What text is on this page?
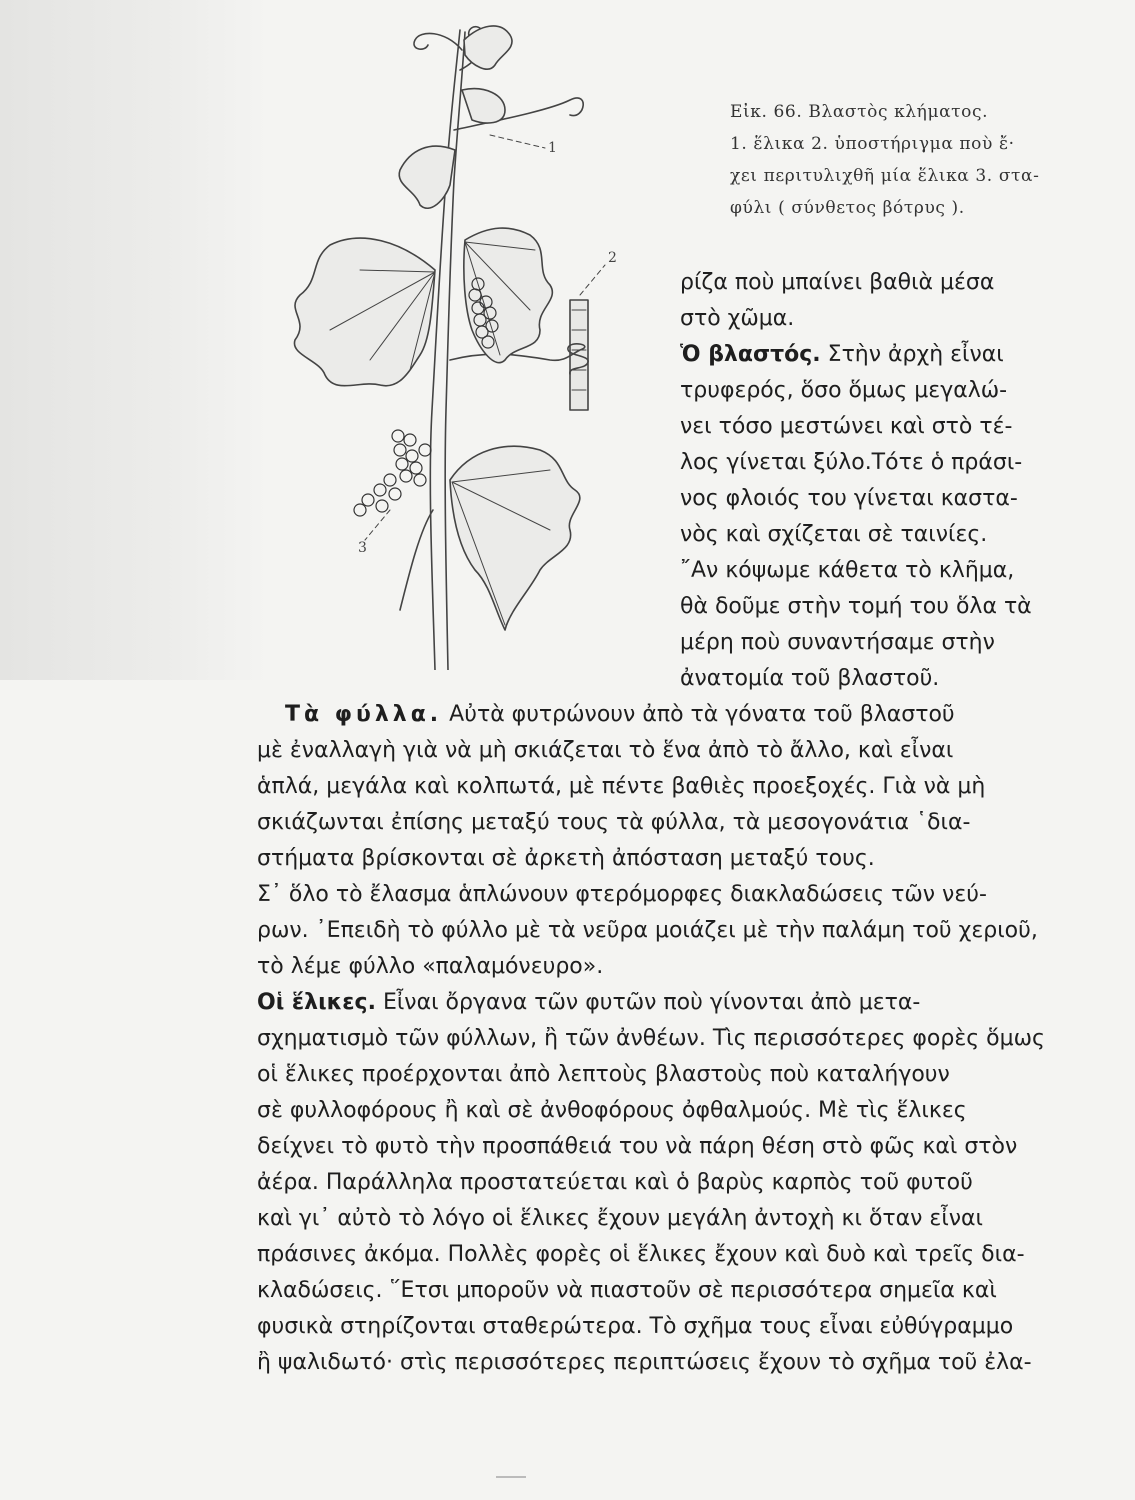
1
2
3
Εἰκ. 66. Βλαστὸς κλήματος.
1. ἕλικα 2. ὑποστήριγμα ποὺ ἔ·
χει περιτυλιχθῆ μία ἕλικα 3. στα-
φύλι ( σύνθετος βότρυς ).
ρίζα ποὺ μπαίνει βαθιὰ μέσα
στὸ χῶμα.
Ὁ βλαστός. Στὴν ἀρχὴ εἶναι
τρυφερός, ὅσο ὅμως μεγαλώ-
νει τόσο μεστώνει καὶ στὸ τέ-
λος γίνεται ξύλο.Τότε ὁ πράσι-
νος φλοιός του γίνεται καστα-
νὸς καὶ σχίζεται σὲ ταινίες.
῎Αν κόψωμε κάθετα τὸ κλῆμα,
θὰ δοῦμε στὴν τομή του ὅλα τὰ
μέρη ποὺ συναντήσαμε στὴν
ἀνατομία τοῦ βλαστοῦ.
Τὰ φύλλα. Αὐτὰ φυτρώνουν ἀπὸ τὰ γόνατα τοῦ βλαστοῦ
μὲ ἐναλλαγὴ γιὰ νὰ μὴ σκιάζεται τὸ ἕνα ἀπὸ τὸ ἄλλο, καὶ εἶναι
ἁπλά, μεγάλα καὶ κολπωτά, μὲ πέντε βαθιὲς προεξοχές. Γιὰ νὰ μὴ
σκιάζωνται ἐπίσης μεταξύ τους τὰ φύλλα, τὰ μεσογονάτια ῾δια-
στήματα βρίσκονται σὲ ἀρκετὴ ἀπόσταση μεταξύ τους.
Σ᾽ ὅλο τὸ ἔλασμα ἁπλώνουν φτερόμορφες διακλαδώσεις τῶν νεύ-
ρων. ᾿Επειδὴ τὸ φύλλο μὲ τὰ νεῦρα μοιάζει μὲ τὴν παλάμη τοῦ χεριοῦ,
τὸ λέμε φύλλο «παλαμόνευρο».
Οἱ ἕλικες. Εἶναι ὄργανα τῶν φυτῶν ποὺ γίνονται ἀπὸ μετα-
σχηματισμὸ τῶν φύλλων, ἢ τῶν ἀνθέων. Τὶς περισσότερες φορὲς ὅμως
οἱ ἕλικες προέρχονται ἀπὸ λεπτοὺς βλαστοὺς ποὺ καταλήγουν
σὲ φυλλοφόρους ἢ καὶ σὲ ἀνθοφόρους ὀφθαλμούς. Μὲ τὶς ἕλικες
δείχνει τὸ φυτὸ τὴν προσπάθειά του νὰ πάρη θέση στὸ φῶς καὶ στὸν
ἀέρα. Παράλληλα προστατεύεται καὶ ὁ βαρὺς καρπὸς τοῦ φυτοῦ
καὶ γι᾽ αὐτὸ τὸ λόγο οἱ ἕλικες ἔχουν μεγάλη ἀντοχὴ κι ὅταν εἶναι
πράσινες ἀκόμα. Πολλὲς φορὲς οἱ ἕλικες ἔχουν καὶ δυὸ καὶ τρεῖς δια-
κλαδώσεις. ῞Ετσι μποροῦν νὰ πιαστοῦν σὲ περισσότερα σημεῖα καὶ
φυσικὰ στηρίζονται σταθερώτερα. Τὸ σχῆμα τους εἶναι εὐθύγραμμο
ἢ ψαλιδωτό· στὶς περισσότερες περιπτώσεις ἔχουν τὸ σχῆμα τοῦ ἐλα-
